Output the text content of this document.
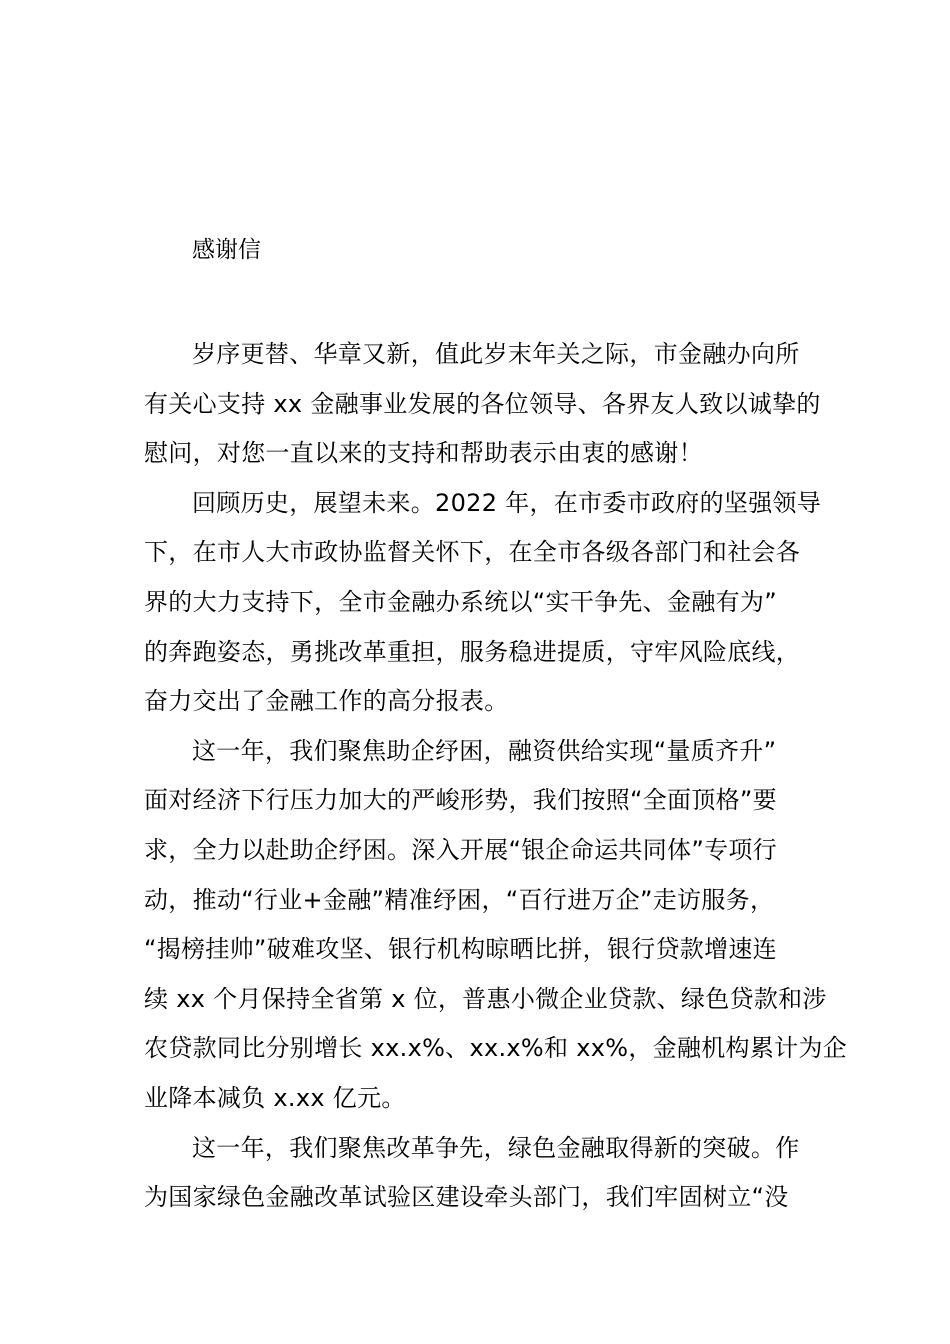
感谢信
岁序更替、华章又新，值此岁末年关之际，市金融办向所
有关心支持 xx 金融事业发展的各位领导、各界友人致以诚挚的
慰问，对您一直以来的支持和帮助表示由衷的感谢！
回顾历史，展望未来。2022 年，在市委市政府的坚强领导
下，在市人大市政协监督关怀下，在全市各级各部门和社会各
界的大力支持下，全市金融办系统以“实干争先、金融有为”
的奔跑姿态，勇挑改革重担，服务稳进提质，守牢风险底线，
奋力交出了金融工作的高分报表。
这一年，我们聚焦助企纾困，融资供给实现“量质齐升”
面对经济下行压力加大的严峻形势，我们按照“全面顶格”要
求，全力以赴助企纾困。深入开展“银企命运共同体”专项行
动，推动“行业+金融”精准纾困，“百行进万企”走访服务，
“揭榜挂帅”破难攻坚、银行机构晾晒比拼，银行贷款增速连
续 xx 个月保持全省第 x 位，普惠小微企业贷款、绿色贷款和涉
农贷款同比分别增长 xx.x%、xx.x%和 xx%，金融机构累计为企
业降本减负 x.xx 亿元。
这一年，我们聚焦改革争先，绿色金融取得新的突破。作
为国家绿色金融改革试验区建设牵头部门，我们牢固树立“没
